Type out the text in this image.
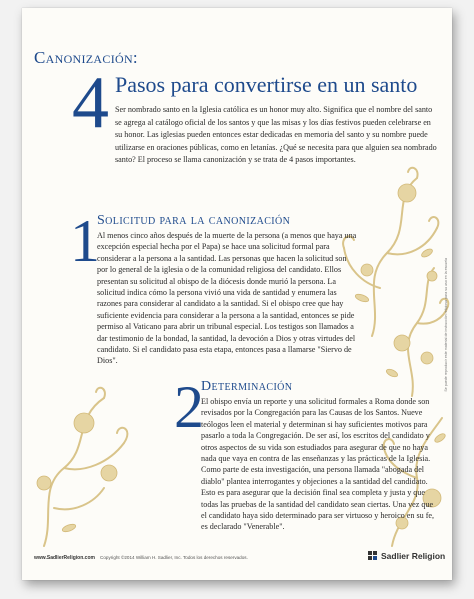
Canonización:
4 Pasos para convertirse en un santo
Ser nombrado santo en la Iglesia católica es un honor muy alto. Significa que el nombre del santo se agrega al catálogo oficial de los santos y que las misas y los días festivos pueden celebrarse en su honor. Las iglesias pueden entonces estar dedicadas en memoria del santo y su nombre puede utilizarse en oraciones públicas, como en letanías. ¿Qué se necesita para que alguien sea nombrado santo? El proceso se llama canonización y se trata de 4 pasos importantes.
1
Solicitud para la canonización
Al menos cinco años después de la muerte de la persona (a menos que haya una excepción especial hecha por el Papa) se hace una solicitud formal para considerar a la persona a la santidad. Las personas que hacen la solicitud son por lo general de la iglesia o de la comunidad religiosa del candidato. Ellos presentan su solicitud al obispo de la diócesis donde murió la persona. La solicitud indica cómo la persona vivió una vida de santidad y enumera las razones para considerar al candidato a la santidad. Si el obispo cree que hay suficiente evidencia para considerar a la persona a la santidad, entonces se pide permiso al Vaticano para abrir un tribunal especial. Los testigos son llamados a dar testimonio de la bondad, la santidad, la devoción a Dios y otras virtudes del candidato. Si el candidato pasa esta etapa, entonces pasa a llamarse "Siervo de Dios".
2
Determinación
El obispo envía un reporte y una solicitud formales a Roma donde son revisados por la Congregación para las Causas de los Santos. Nueve teólogos leen el material y determinan si hay suficientes motivos para pasarlo a toda la Congregación. De ser así, los escritos del candidato y otros aspectos de su vida son estudiados para asegurar de que no haya nada que vaya en contra de las enseñanzas y las prácticas de la Iglesia. Como parte de esta investigación, una persona llamada "abogada del diablo" plantea interrogantes y objeciones a la santidad del candidato. Esto es para asegurar que la decisión final sea completa y justa y que todas las pruebas de la santidad del candidato sean ciertas. Una vez que el candidato haya sido determinado para ser virtuoso y heroico en su fe, es declarado "Venerable".
www.SadlierReligion.com Copyright ©2014 William H. Sadlier, Inc. Todos los derechos reservados.	Sadlier Religion
Se puede reproducir este material de instrucción religiosa para su uso en la escuela
